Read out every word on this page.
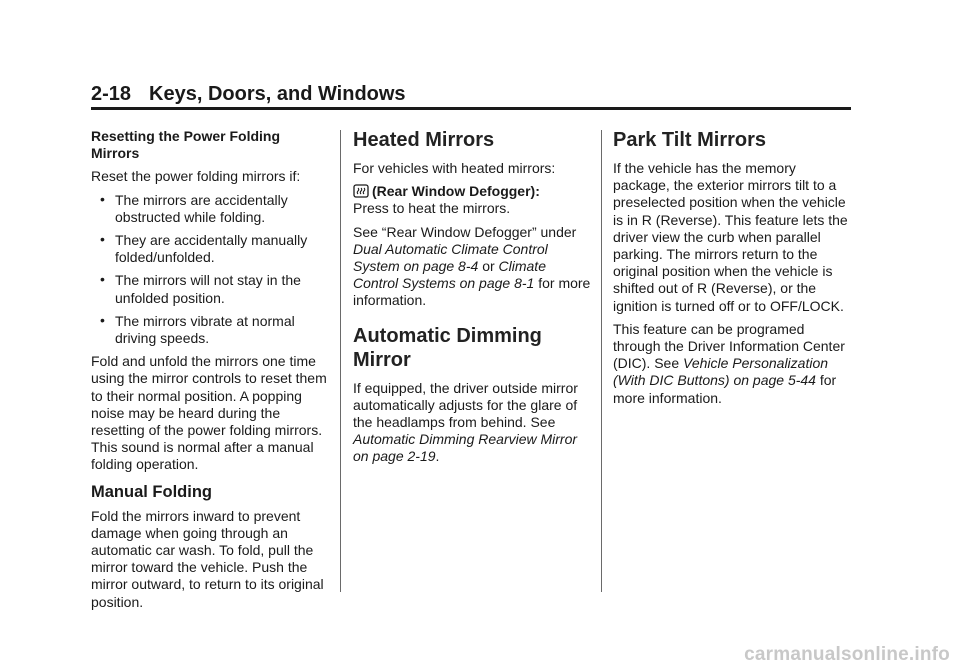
2-18 Keys, Doors, and Windows

Resetting the Power Folding Mirrors

Reset the power folding mirrors if:

• The mirrors are accidentally obstructed while folding.
• They are accidentally manually folded/unfolded.
• The mirrors will not stay in the unfolded position.
• The mirrors vibrate at normal driving speeds.

Fold and unfold the mirrors one time using the mirror controls to reset them to their normal position. A popping noise may be heard during the resetting of the power folding mirrors. This sound is normal after a manual folding operation.

Manual Folding

Fold the mirrors inward to prevent damage when going through an automatic car wash. To fold, pull the mirror toward the vehicle. Push the mirror outward, to return to its original position.

Heated Mirrors

For vehicles with heated mirrors:

(Rear Window Defogger):
Press to heat the mirrors.

See “Rear Window Defogger” under Dual Automatic Climate Control System on page 8-4 or Climate Control Systems on page 8-1 for more information.

Automatic Dimming Mirror

If equipped, the driver outside mirror automatically adjusts for the glare of the headlamps from behind. See Automatic Dimming Rearview Mirror on page 2-19.

Park Tilt Mirrors

If the vehicle has the memory package, the exterior mirrors tilt to a preselected position when the vehicle is in R (Reverse). This feature lets the driver view the curb when parallel parking. The mirrors return to the original position when the vehicle is shifted out of R (Reverse), or the ignition is turned off or to OFF/LOCK.

This feature can be programed through the Driver Information Center (DIC). See Vehicle Personalization (With DIC Buttons) on page 5-44 for more information.

carmanualsonline.info
